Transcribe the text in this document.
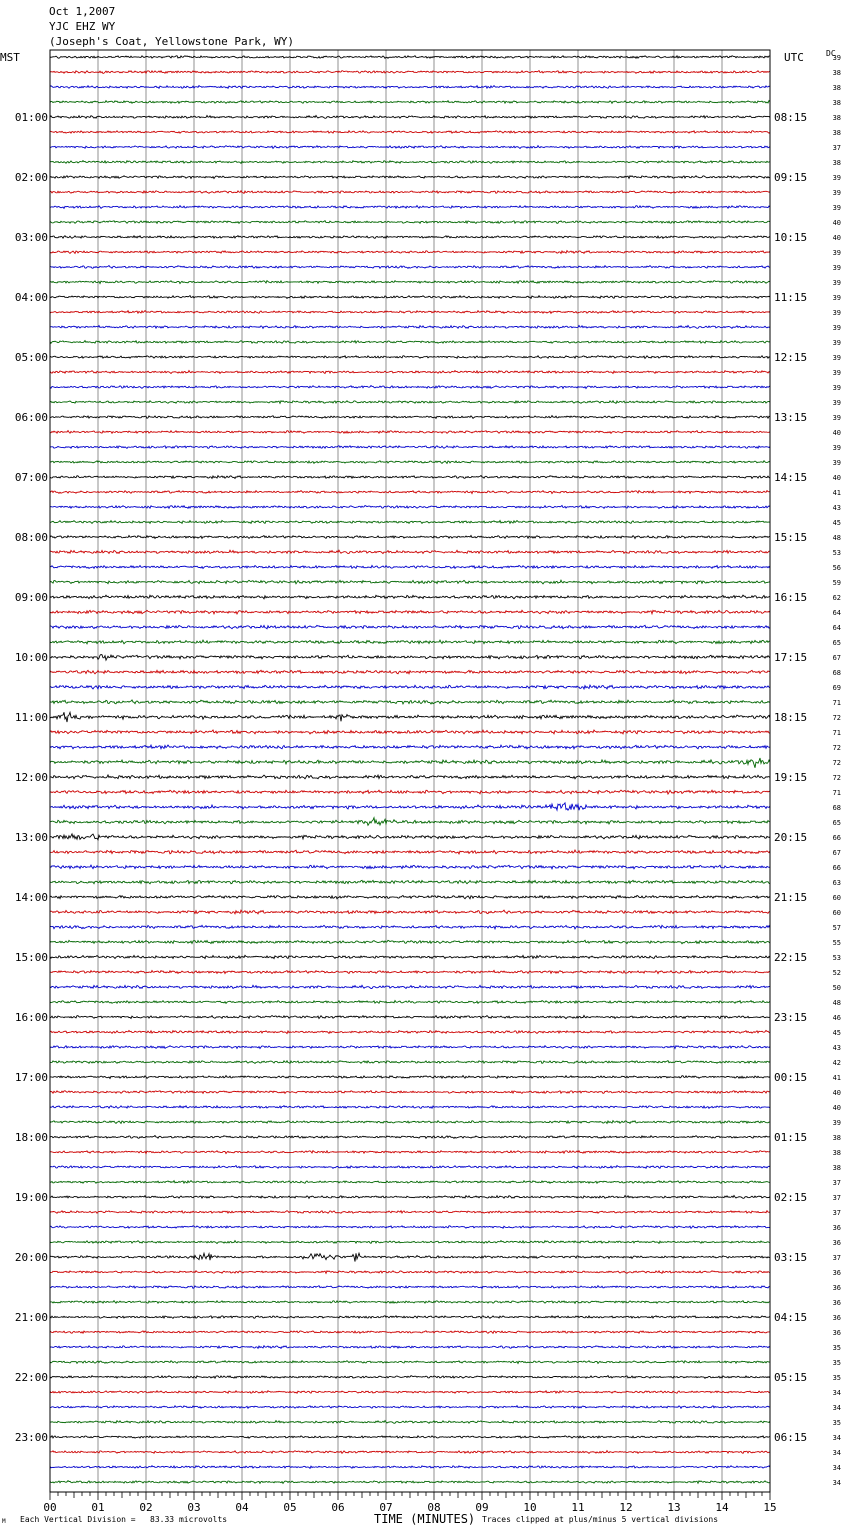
Oct 1,2007
YJC EHZ WY
(Joseph's Coat, Yellowstone Park, WY)
39
38
38
38
38
38
37
38
39
39
39
40
40
39
39
39
39
39
39
39
39
39
39
39
39
40
39
39
40
41
43
45
48
53
56
59
62
64
64
65
67
68
69
71
72
71
72
72
72
71
68
65
66
67
66
63
60
60
57
55
53
52
50
48
46
45
43
42
41
40
40
39
38
38
38
37
37
37
36
36
37
36
36
36
36
36
35
35
35
34
34
35
34
34
34
34
MST	UTC
01:00	08:15
02:00	09:15
03:00	10:15
04:00	11:15
05:00	12:15
06:00	13:15
07:00	14:15
08:00	15:15
09:00	16:15
10:00	17:15
11:00	18:15
12:00	19:15
13:00	20:15
14:00	21:15
15:00	22:15
16:00	23:15
17:00	00:15
18:00	01:15
19:00	02:15
20:00	03:15
21:00	04:15
22:00	05:15
23:00	06:15
00	01	02	03	04	05	06	07	08	09	10	11	12	13	14	15
DC
TIME (MINUTES)
M Each Vertical Division =   83.33 microvolts	Traces clipped at plus/minus 5 vertical divisions
